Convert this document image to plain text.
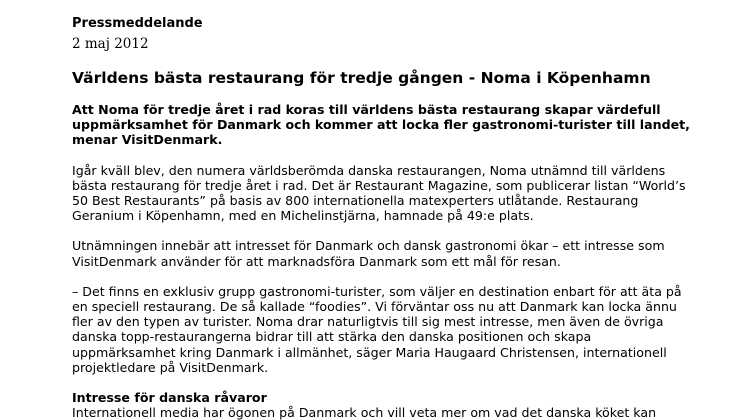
Pressmeddelande

2 maj 2012

Världens bästa restaurang för tredje gången - Noma i Köpenhamn

Att Noma för tredje året i rad koras till världens bästa restaurang skapar värdefull uppmärksamhet för Danmark och kommer att locka fler gastronomi-turister till landet, menar VisitDenmark.

Igår kväll blev, den numera världsberömda danska restaurangen, Noma utnämnd till världens bästa restaurang för tredje året i rad. Det är Restaurant Magazine, som publicerar listan “World’s 50 Best Restaurants” på basis av 800 internationella matexperters utlåtande. Restaurang Geranium i Köpenhamn, med en Michelinstjärna, hamnade på 49:e plats.

Utnämningen innebär att intresset för Danmark och dansk gastronomi ökar – ett intresse som VisitDenmark använder för att marknadsföra Danmark som ett mål för resan.

– Det finns en exklusiv grupp gastronomi-turister, som väljer en destination enbart för att äta på en speciell restaurang. De så kallade “foodies”. Vi förväntar oss nu att Danmark kan locka ännu fler av den typen av turister. Noma drar naturligtvis till sig mest intresse, men även de övriga danska topp-restaurangerna bidrar till att stärka den danska positionen och skapa uppmärksamhet kring Danmark i allmänhet, säger Maria Haugaard Christensen, internationell projektledare på VisitDenmark.

Intresse för danska råvaror

Internationell media har ögonen på Danmark och vill veta mer om vad det danska köket kan
